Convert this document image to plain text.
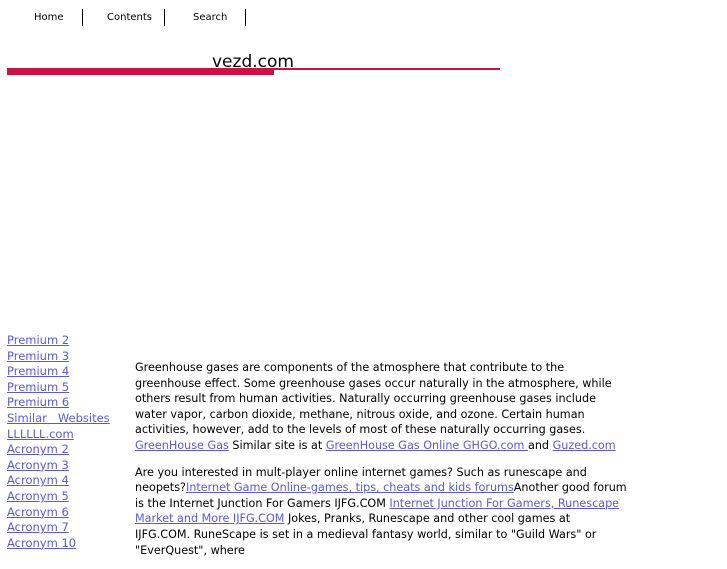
Home	Contents	Search
vezd.com
Premium 2
Premium 3
Premium 4
Premium 5
Premium 6
Similar   Websites
LLLLLL.com
Acronym 2
Acronym 3
Acronym 4
Acronym 5
Acronym 6
Acronym 7
Acronym 10

Greenhouse gases are components of the atmosphere that contribute to the greenhouse effect. Some greenhouse gases occur naturally in the atmosphere, while others result from human activities. Naturally occurring greenhouse gases include water vapor, carbon dioxide, methane, nitrous oxide, and ozone. Certain human activities, however, add to the levels of most of these naturally occurring gases. GreenHouse Gas Similar site is at GreenHouse Gas Online GHGO.com and Guzed.com

Are you interested in mult-player online internet games? Such as runescape and neopets?Internet Game Online-games, tips, cheats and kids forumsAnother good forum is the Internet Junction For Gamers IJFG.COM Internet Junction For Gamers, Runescape Market and More IJFG.COM Jokes, Pranks, Runescape and other cool games at IJFG.COM. RuneScape is set in a medieval fantasy world, similar to "Guild Wars" or "EverQuest", where
